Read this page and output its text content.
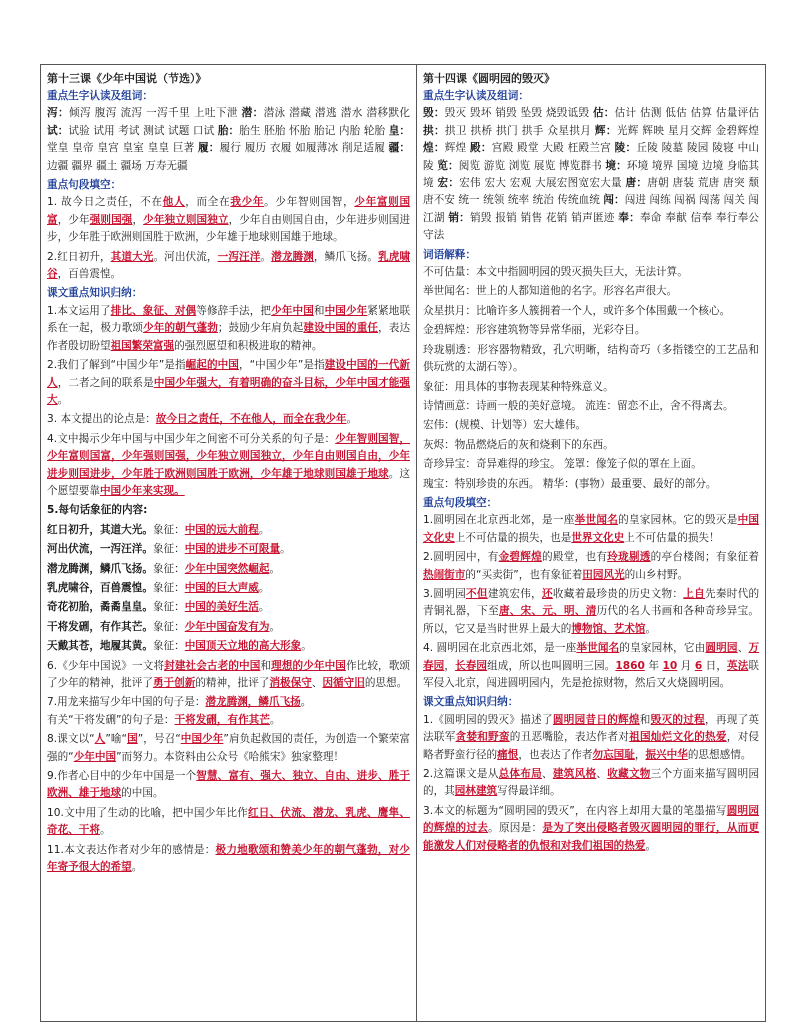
第十三课《少年中国说（节选）》
重点生字认读及组词：
泻：倾泻 腹泻 流泻 一泻千里 上吐下泄 潜：潜泳 潜藏 潜逃 潜水 潜移默化 试：试验 试用 考试 测试 试题 口试 胎：胎生 胚胎 怀胎 胎记 内胎 轮胎 皇：堂皇 皇帝 皇宫 皇室 皇皇 巨著 履：履行 履历 衣履 如履薄冰 削足适履 疆：边疆 疆界 疆土 疆场 万寿无疆
重点句段填空：
1. 故今日之责任，不在他人，而全在我少年。少年智则国智，少年富则国富，少年强则国强，少年独立则国独立，少年自由则国自由，少年进步则国进步，少年胜于欧洲则国胜于欧洲，少年雄于地球则国雄于地球。
2.红日初升，其道大光。河出伏流，一泻汪洋。潜龙腾渊，鳞爪飞扬。乳虎啸谷，百兽震惶。
课文重点知识归纳：
1.本文运用了排比、象征、对偶等修辞手法，把少年中国和中国少年紧紧地联系在一起，极力歌颂少年的朝气蓬勃；鼓励少年肩负起建设中国的重任，表达作者殷切盼望祖国繁荣富强的强烈愿望和积极进取的精神。
2.我们了解到“中国少年”是指崛起的中国，“中国少年”是指建设中国的一代新人，二者之间的联系是中国少年强大，有着明确的奋斗目标，少年中国才能强大。
3. 本文提出的论点是：故今日之责任，不在他人，而全在我少年。
4.文中揭示少年中国与中国少年之间密不可分关系的句子是：少年智则国智，少年富则国富，少年强则国强，少年独立则国独立，少年自由则国自由，少年进步则国进步，少年胜于欧洲则国胜于欧洲，少年雄于地球则国雄于地球。这个愿望要靠中国少年来实现。
5.每句话象征的内容:
红日初升，其道大光。象征：中国的远大前程。
河出伏流，一泻汪洋。象征：中国的进步不可限量。
潜龙腾渊，鳞爪飞扬。象征：少年中国突然崛起。
乳虎啸谷，百兽震惶。象征：中国的巨大声威。
奇花初胎，矞矞皇皇。象征：中国的美好生活。
干将发硎，有作其芒。象征：少年中国奋发有为。
天戴其苍，地履其黄。象征：中国顶天立地的高大形象。
6.《少年中国说》一文将封建社会古老的中国和理想的少年中国作比较，歌颂了少年的精神，批评了勇于创新的精神，批评了消极保守、因循守旧的思想。
7.用龙来描写少年中国的句子是：潜龙腾渊，鳞爪飞扬。
有关“干将发硎”的句子是：干将发硎，有作其芒。
8.课文以“人”喻“国”，号召“中国少年”肩负起救国的责任，为创造一个繁荣富强的“少年中国”而努力。本资料由公众号《哈熊宋》独家整理！
9.作者心目中的少年中国是一个智慧、富有、强大、独立、自由、进步、胜于欧洲、雄于地球的中国。
10.文中用了生动的比喻，把中国少年比作红日、伏流、潜龙、乳虎、鹰隼、奇花、干将。
11.本文表达作者对少年的感情是：极力地歌颂和赞美少年的朝气蓬勃，对少年寄予很大的希望。
第十四课《圆明园的毁灭》
重点生字认读及组词：
毁：毁灭 毁坏 销毁 坠毁 烧毁诋毁 估：估计 估测 低估 估算 估量评估 拱：拱卫 拱桥 拱门 拱手 众星拱月 辉：光辉 辉映 星月交辉 金碧辉煌 煌：辉煌 殿：宫殿 殿堂 大殿 枉殿兰宫 陵：丘陵 陵墓 陵园 陵寝 中山陵 览：阅览 游览 浏览 展览 博览群书 境：环境 境界 国境 边境 身临其境 宏：宏伟 宏大 宏观 大展宏图宽宏大量 唐：唐朝 唐装 荒唐 唐突 颓唐不安 统一 统领 统率 统治 传统血统 闯：闯进 闯练 闯祸 闯荡 闯关 闯江湖 销：销毁 报销 销售 花销 销声匿迹 奉：奉命 奉献 信奉 奉行奉公守法
词语解释：
不可估量：本文中指圆明园的毁灭损失巨大，无法计算。
举世闻名：世上的人都知道他的名字。形容名声很大。
众星拱月：比喻许多人簇拥着一个人，或许多个体围戴一个核心。
金碧辉煌：形容建筑物等异常华丽，光彩夺目。
玲珑剔透：形容器物精致，孔穴明晰，结构奇巧（多指镂空的工艺品和供玩赏的太湖石等）。
象征：用具体的事物表现某种特殊意义。
诗情画意：诗画一般的美好意境。 流连：留恋不止，舍不得离去。
宏伟：(规模、计划等）宏大雄伟。
灰烬：物品燃烧后的灰和烧剩下的东西。
奇珍异宝：奇异难得的珍宝。 笼罩：像笼子似的罩在上面。
瑰宝：特别珍贵的东西。 精华：(事物）最重要、最好的部分。
重点句段填空：
1.圆明园在北京西北郊，是一座举世闻名的皇家园林。它的毁灭是中国文化史上不可估量的损失，也是世界文化史上不可估量的损失！
2.圆明园中，有金碧辉煌的殿堂，也有玲珑剔透的亭台楼阁；有象征着热闹街市的“买卖街”，也有象征着田园风光的山乡村野。
3.圆明园不但建筑宏伟，还收藏着最珍贵的历史文物：上自先秦时代的青铜礼器，下至唐、宋、元、明、清历代的名人书画和各种奇珍异宝。所以，它又是当时世界上最大的博物馆、艺术馆。
4. 圆明园在北京西北郊，是一座举世闻名的皇家园林，它由圆明园、万春园，长春园组成，所以也叫圆明三园。1860 年 10 月 6 日，英法联军侵入北京，闯进圆明园内，先是抢掠财物，然后又火烧圆明园。
课文重点知识归纳：
1.《圆明园的毁灭》描述了圆明园昔日的辉煌和毁灭的过程，再现了英法联军贪婪和野蛮的丑恶嘴脸，表达作者对祖国灿烂文化的热爱，对侵略者野蛮行径的痛恨，也表达了作者勿忘国耻，振兴中华的思想感情。
2.这篇课文是从总体布局、建筑风格、收藏文物三个方面来描写圆明园的，其园林建筑写得最详细。
3.本文的标题为“圆明园的毁灭”，在内容上却用大量的笔墨描写圆明园的辉煌的过去。原因是：是为了突出侵略者毁灭圆明园的罪行，从而更能激发人们对侵略者的仇恨和对我们祖国的热爱。
